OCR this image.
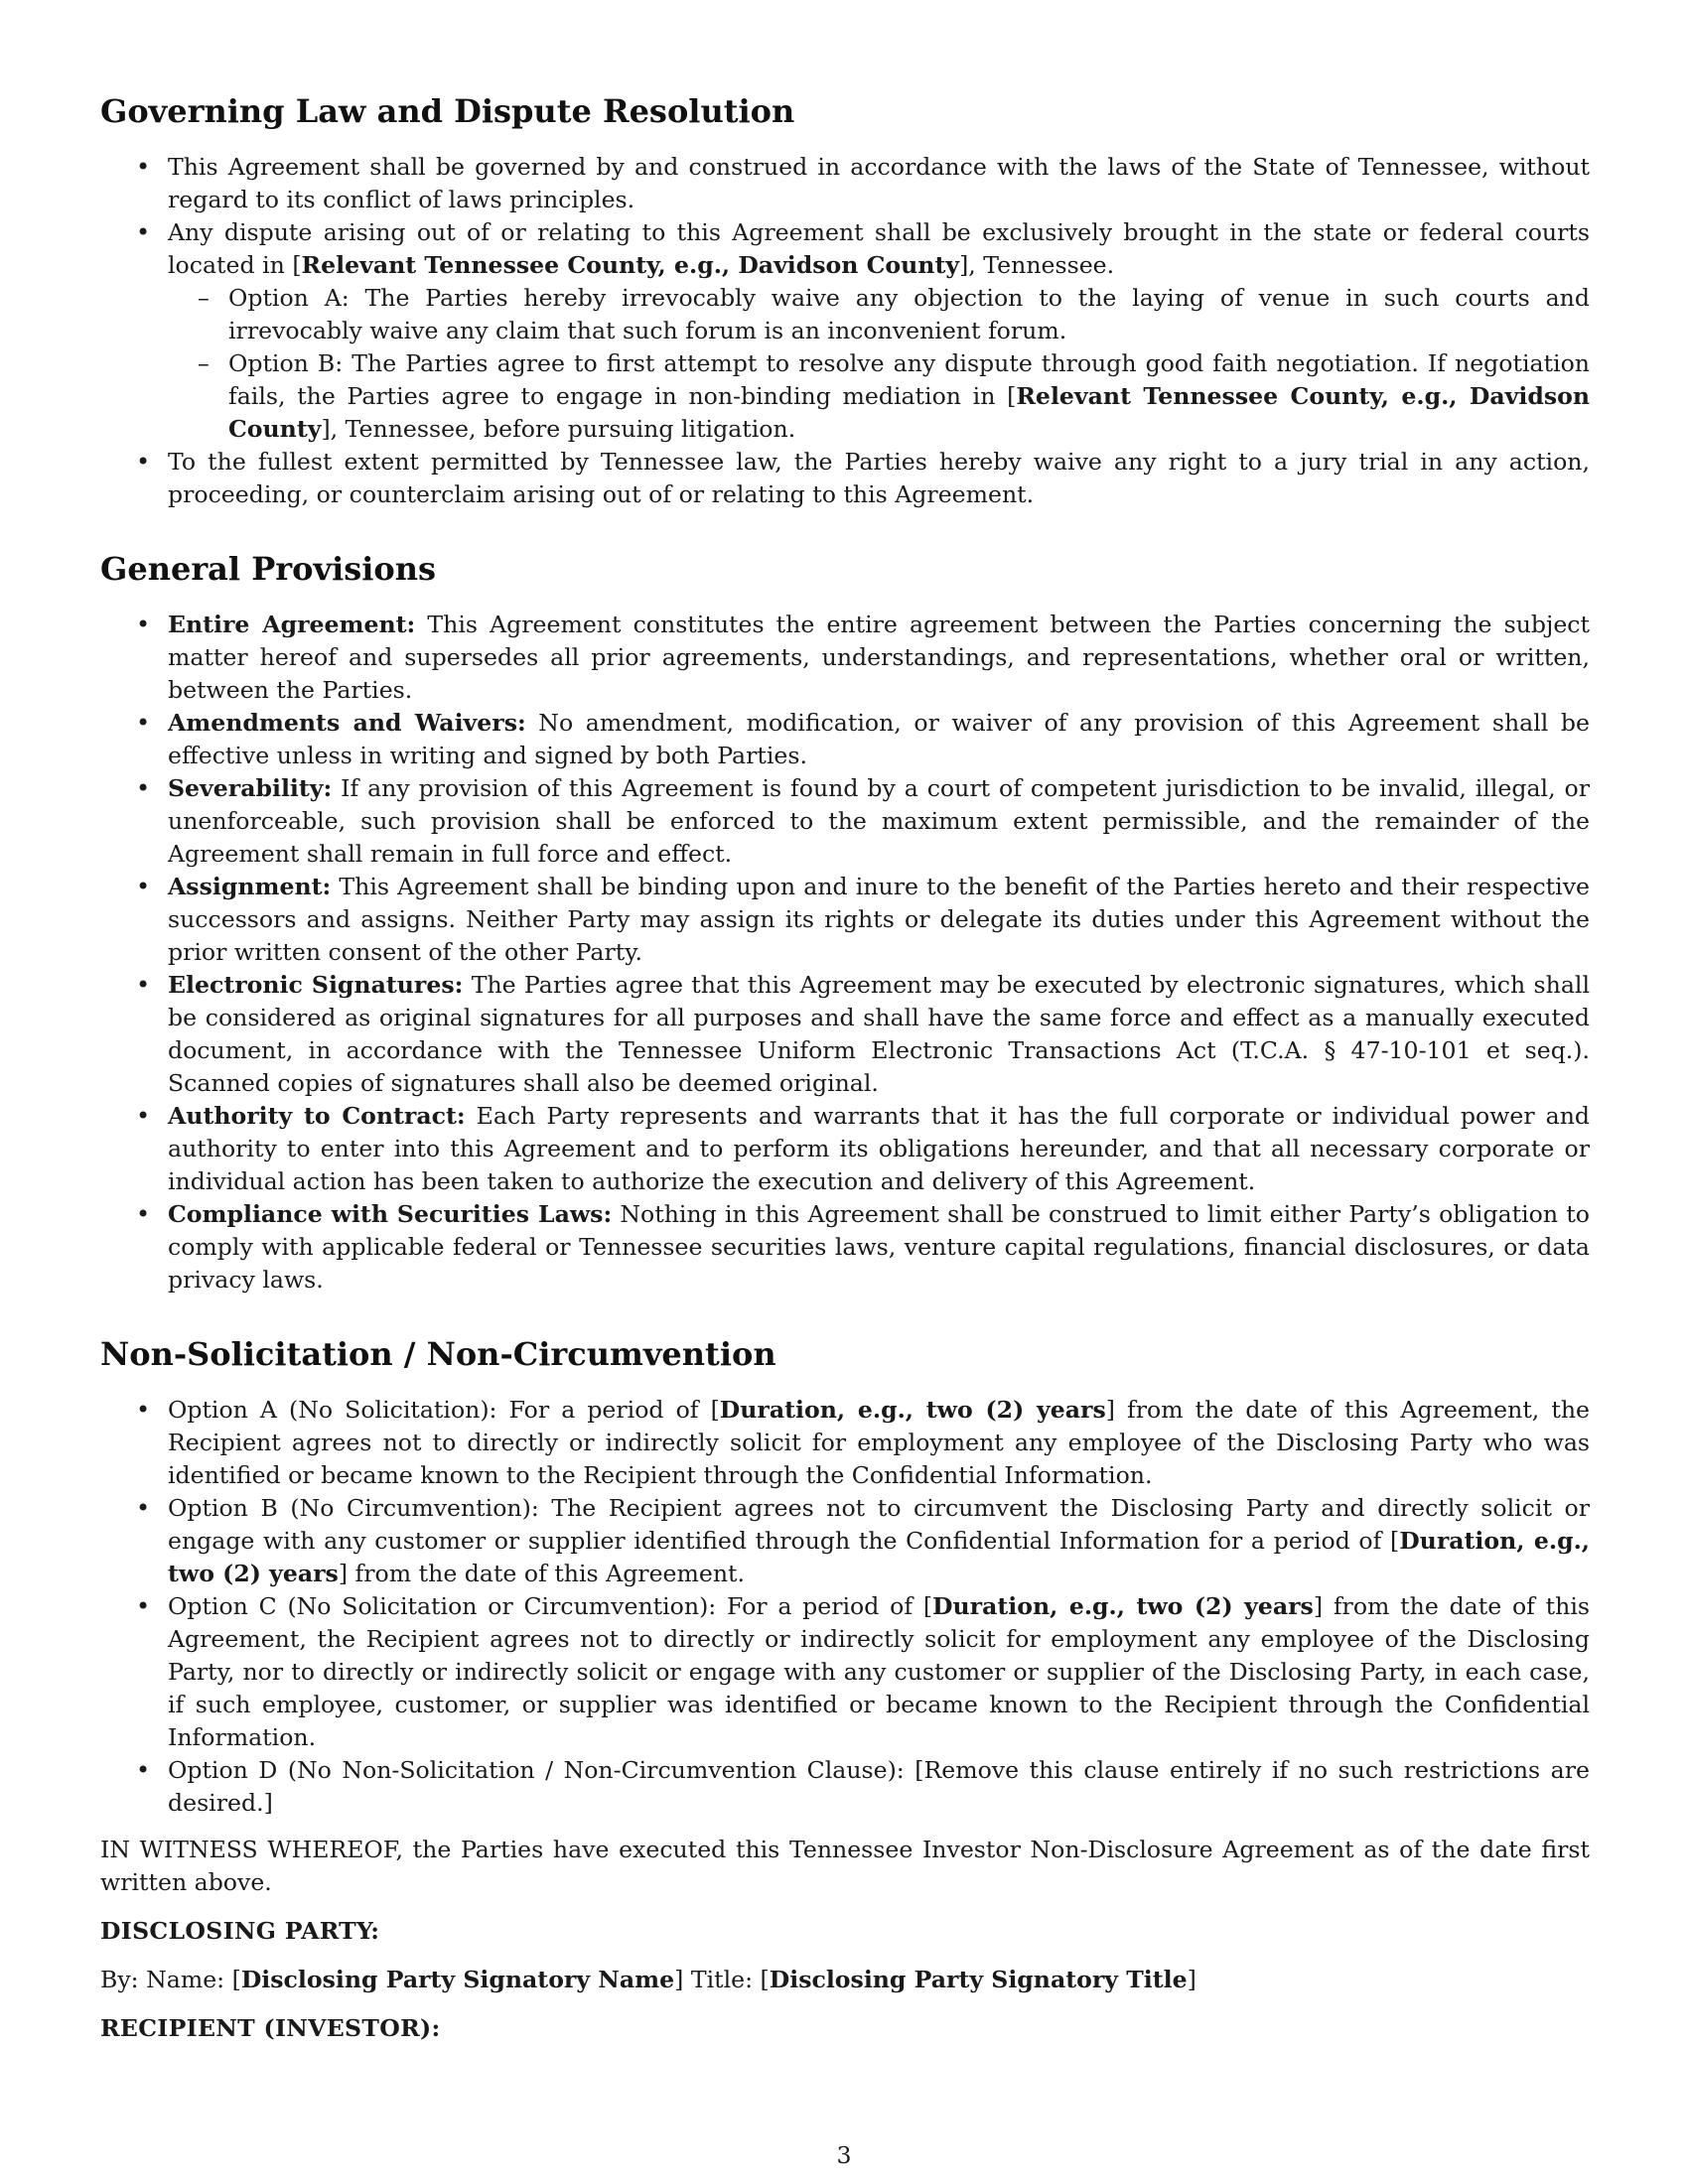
Governing Law and Dispute Resolution
• This Agreement shall be governed by and construed in accordance with the laws of the State of Tennessee, without regard to its conflict of laws principles.
• Any dispute arising out of or relating to this Agreement shall be exclusively brought in the state or federal courts located in [Relevant Tennessee County, e.g., Davidson County], Tennessee.
– Option A: The Parties hereby irrevocably waive any objection to the laying of venue in such courts and irrevocably waive any claim that such forum is an inconvenient forum.
– Option B: The Parties agree to first attempt to resolve any dispute through good faith negotiation. If negotiation fails, the Parties agree to engage in non-binding mediation in [Relevant Tennessee County, e.g., Davidson County], Tennessee, before pursuing litigation.
• To the fullest extent permitted by Tennessee law, the Parties hereby waive any right to a jury trial in any action, proceeding, or counterclaim arising out of or relating to this Agreement.
General Provisions
• Entire Agreement: This Agreement constitutes the entire agreement between the Parties concerning the subject matter hereof and supersedes all prior agreements, understandings, and representations, whether oral or written, between the Parties.
• Amendments and Waivers: No amendment, modification, or waiver of any provision of this Agreement shall be effective unless in writing and signed by both Parties.
• Severability: If any provision of this Agreement is found by a court of competent jurisdiction to be invalid, illegal, or unenforceable, such provision shall be enforced to the maximum extent permissible, and the remainder of the Agreement shall remain in full force and effect.
• Assignment: This Agreement shall be binding upon and inure to the benefit of the Parties hereto and their respective successors and assigns. Neither Party may assign its rights or delegate its duties under this Agreement without the prior written consent of the other Party.
• Electronic Signatures: The Parties agree that this Agreement may be executed by electronic signatures, which shall be considered as original signatures for all purposes and shall have the same force and effect as a manually executed document, in accordance with the Tennessee Uniform Electronic Transactions Act (T.C.A. § 47-10-101 et seq.). Scanned copies of signatures shall also be deemed original.
• Authority to Contract: Each Party represents and warrants that it has the full corporate or individual power and authority to enter into this Agreement and to perform its obligations hereunder, and that all necessary corporate or individual action has been taken to authorize the execution and delivery of this Agreement.
• Compliance with Securities Laws: Nothing in this Agreement shall be construed to limit either Party’s obligation to comply with applicable federal or Tennessee securities laws, venture capital regulations, financial disclosures, or data privacy laws.
Non-Solicitation / Non-Circumvention
• Option A (No Solicitation): For a period of [Duration, e.g., two (2) years] from the date of this Agreement, the Recipient agrees not to directly or indirectly solicit for employment any employee of the Disclosing Party who was identified or became known to the Recipient through the Confidential Information.
• Option B (No Circumvention): The Recipient agrees not to circumvent the Disclosing Party and directly solicit or engage with any customer or supplier identified through the Confidential Information for a period of [Duration, e.g., two (2) years] from the date of this Agreement.
• Option C (No Solicitation or Circumvention): For a period of [Duration, e.g., two (2) years] from the date of this Agreement, the Recipient agrees not to directly or indirectly solicit for employment any employee of the Disclosing Party, nor to directly or indirectly solicit or engage with any customer or supplier of the Disclosing Party, in each case, if such employee, customer, or supplier was identified or became known to the Recipient through the Confidential Information.
• Option D (No Non-Solicitation / Non-Circumvention Clause): [Remove this clause entirely if no such restrictions are desired.]

IN WITNESS WHEREOF, the Parties have executed this Tennessee Investor Non-Disclosure Agreement as of the date first written above.

DISCLOSING PARTY:

By: Name: [Disclosing Party Signatory Name] Title: [Disclosing Party Signatory Title]

RECIPIENT (INVESTOR):

3
